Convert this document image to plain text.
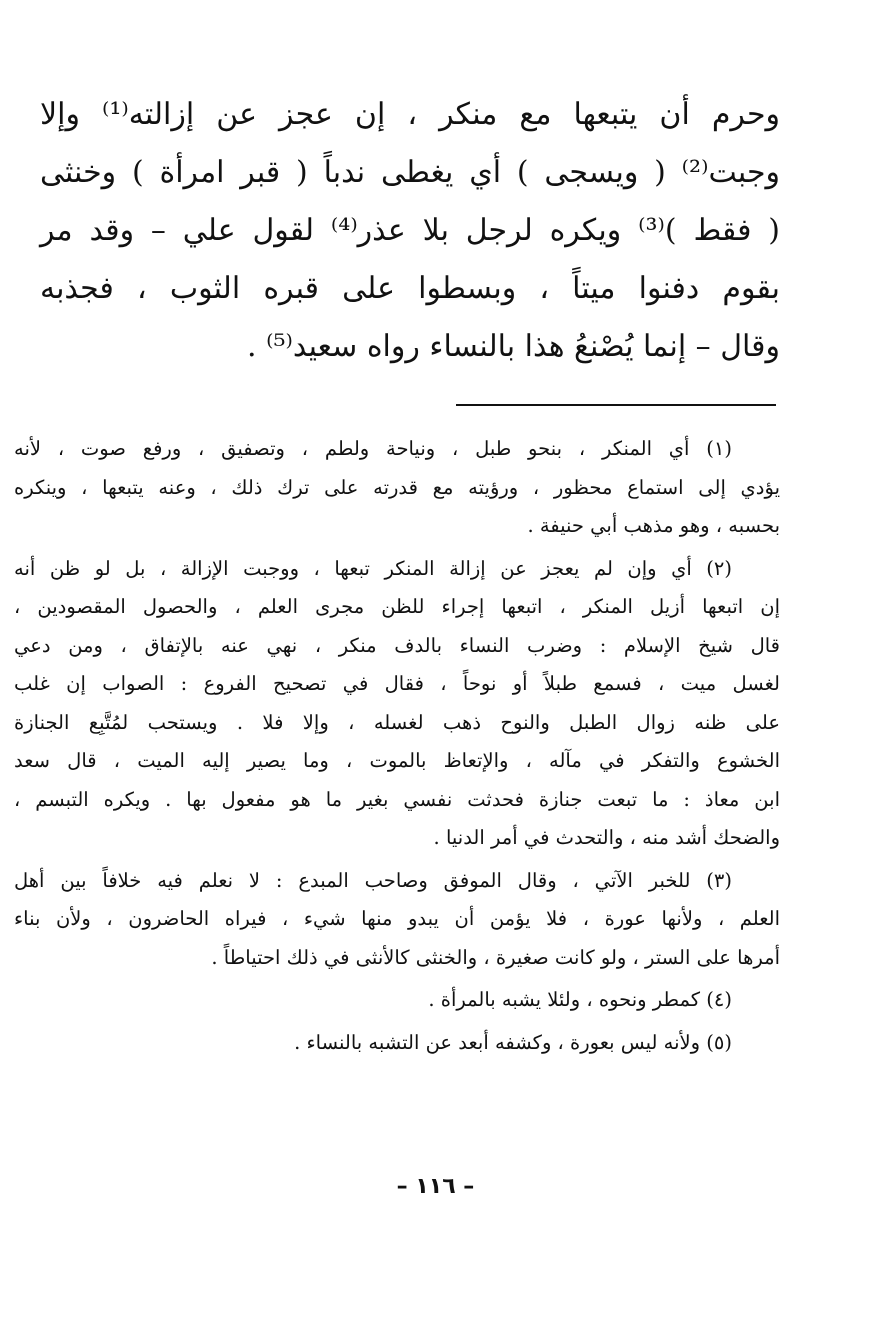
وحرم أن يتبعها مع منكر ، إن عجز عن إزالته⁽¹⁾ وإلا
وجبت⁽²⁾ ( ويسجى ) أي يغطى ندباً ( قبر امرأة ) وخنثى
( فقط )⁽³⁾ ويكره لرجل بلا عذر⁽⁴⁾ لقول علي – وقد مر
بقوم دفنوا ميتاً ، وبسطوا على قبره الثوب ، فجذبه
وقال – إنما يُصْنعُ هذا بالنساء رواه سعيد⁽⁵⁾ .
(١) أي المنكر ، بنحو طبل ، ونياحة ولطم ، وتصفيق ، ورفع صوت ، لأنه
يؤدي إلى استماع محظور ، ورؤيته مع قدرته على ترك ذلك ، وعنه يتبعها ، وينكره
بحسبه ، وهو مذهب أبي حنيفة .
(٢) أي وإن لم يعجز عن إزالة المنكر تبعها ، ووجبت الإزالة ، بل لو ظن أنه
إن اتبعها أزيل المنكر ، اتبعها إجراء للظن مجرى العلم ، والحصول المقصودين ،
قال شيخ الإسلام : وضرب النساء بالدف منكر ، نهي عنه بالإتفاق ، ومن دعي
لغسل ميت ، فسمع طبلاً أو نوحاً ، فقال في تصحيح الفروع : الصواب إن غلب
على ظنه زوال الطبل والنوح ذهب لغسله ، وإلا فلا . ويستحب لمُتَّبِع الجنازة
الخشوع والتفكر في مآله ، والإتعاظ بالموت ، وما يصير إليه الميت ، قال سعد
ابن معاذ : ما تبعت جنازة فحدثت نفسي بغير ما هو مفعول بها . ويكره التبسم ،
والضحك أشد منه ، والتحدث في أمر الدنيا .
(٣) للخبر الآتي ، وقال الموفق وصاحب المبدع : لا نعلم فيه خلافاً بين أهل
العلم ، ولأنها عورة ، فلا يؤمن أن يبدو منها شيء ، فيراه الحاضرون ، ولأن بناء
أمرها على الستر ، ولو كانت صغيرة ، والخنثى كالأنثى في ذلك احتياطاً .
(٤) كمطر ونحوه ، ولئلا يشبه بالمرأة .
(٥) ولأنه ليس بعورة ، وكشفه أبعد عن التشبه بالنساء .
– ١١٦ –
